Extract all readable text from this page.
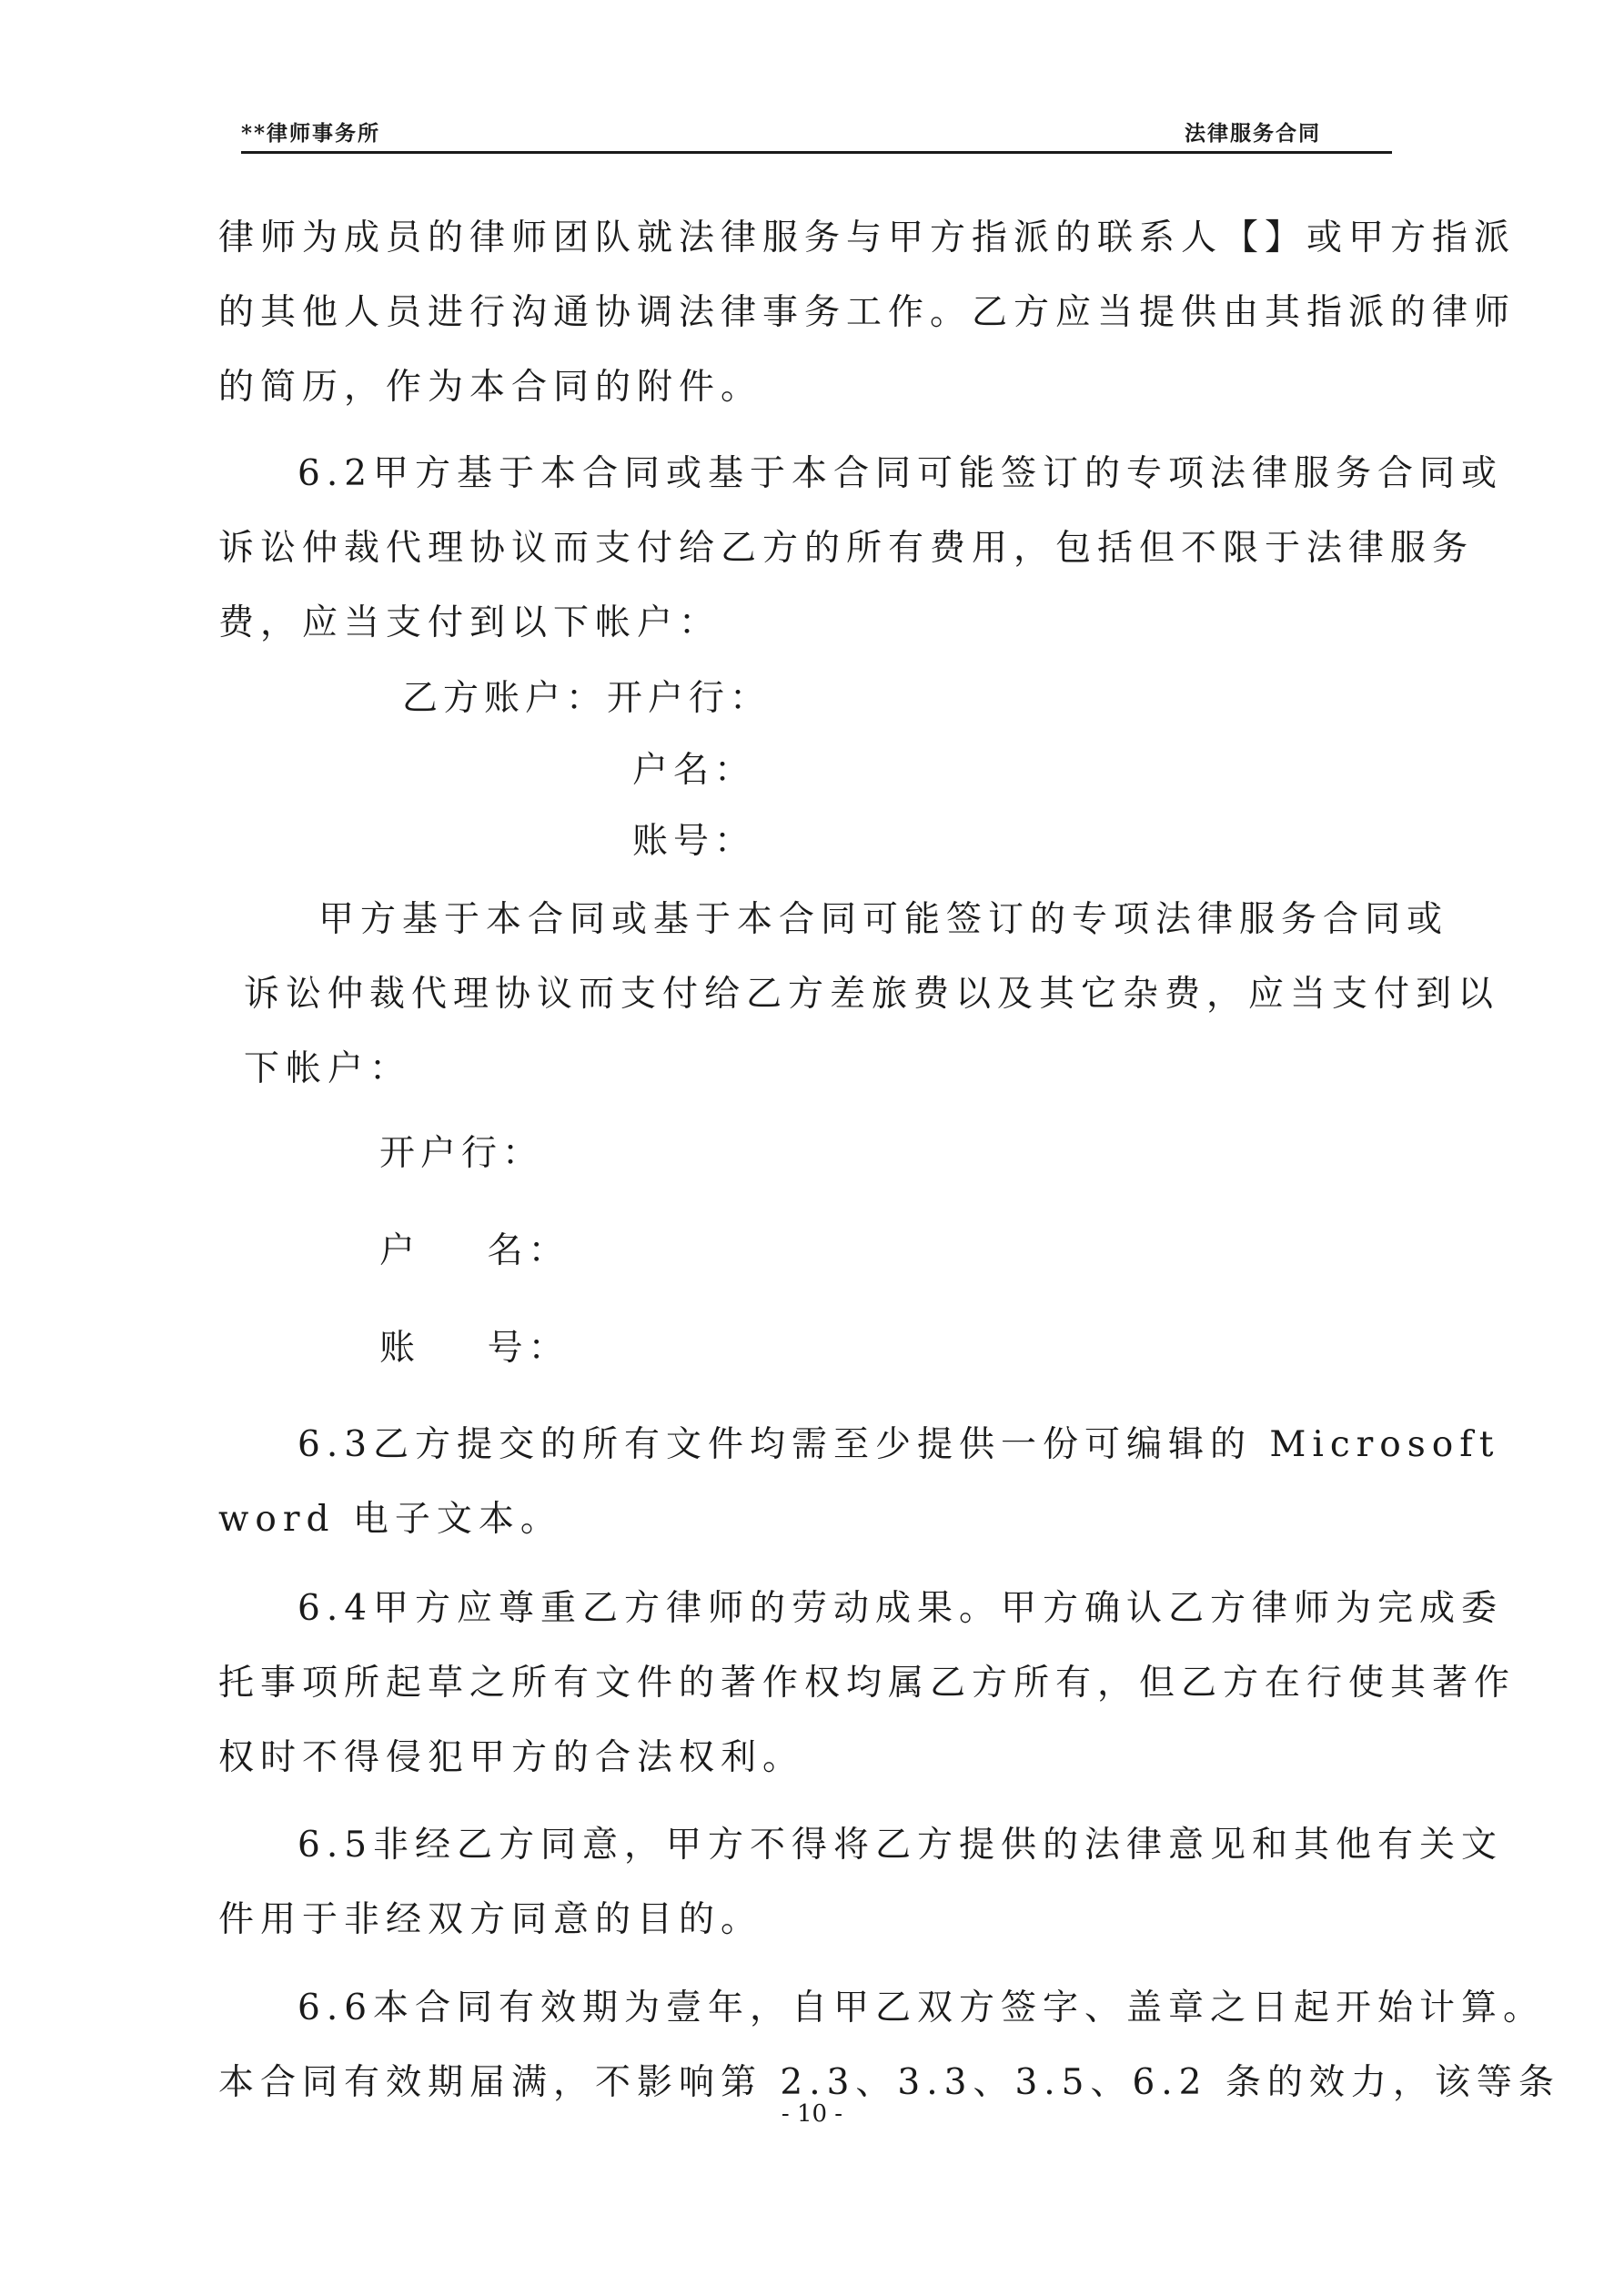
**律师事务所	法律服务合同
律师为成员的律师团队就法律服务与甲方指派的联系人【】或甲方指派
的其他人员进行沟通协调法律事务工作。乙方应当提供由其指派的律师
的简历，作为本合同的附件。
6.2甲方基于本合同或基于本合同可能签订的专项法律服务合同或
诉讼仲裁代理协议而支付给乙方的所有费用，包括但不限于法律服务
费，应当支付到以下帐户：
乙方账户：开户行：
户名：
账号：
甲方基于本合同或基于本合同可能签订的专项法律服务合同或
诉讼仲裁代理协议而支付给乙方差旅费以及其它杂费，应当支付到以
下帐户：
开户行：
户    名：
账    号：
6.3乙方提交的所有文件均需至少提供一份可编辑的 Microsoft
word 电子文本。
6.4甲方应尊重乙方律师的劳动成果。甲方确认乙方律师为完成委
托事项所起草之所有文件的著作权均属乙方所有，但乙方在行使其著作
权时不得侵犯甲方的合法权利。
6.5非经乙方同意，甲方不得将乙方提供的法律意见和其他有关文
件用于非经双方同意的目的。
6.6本合同有效期为壹年，自甲乙双方签字、盖章之日起开始计算。
本合同有效期届满，不影响第 2.3、3.3、3.5、6.2 条的效力，该等条
- 10 -
